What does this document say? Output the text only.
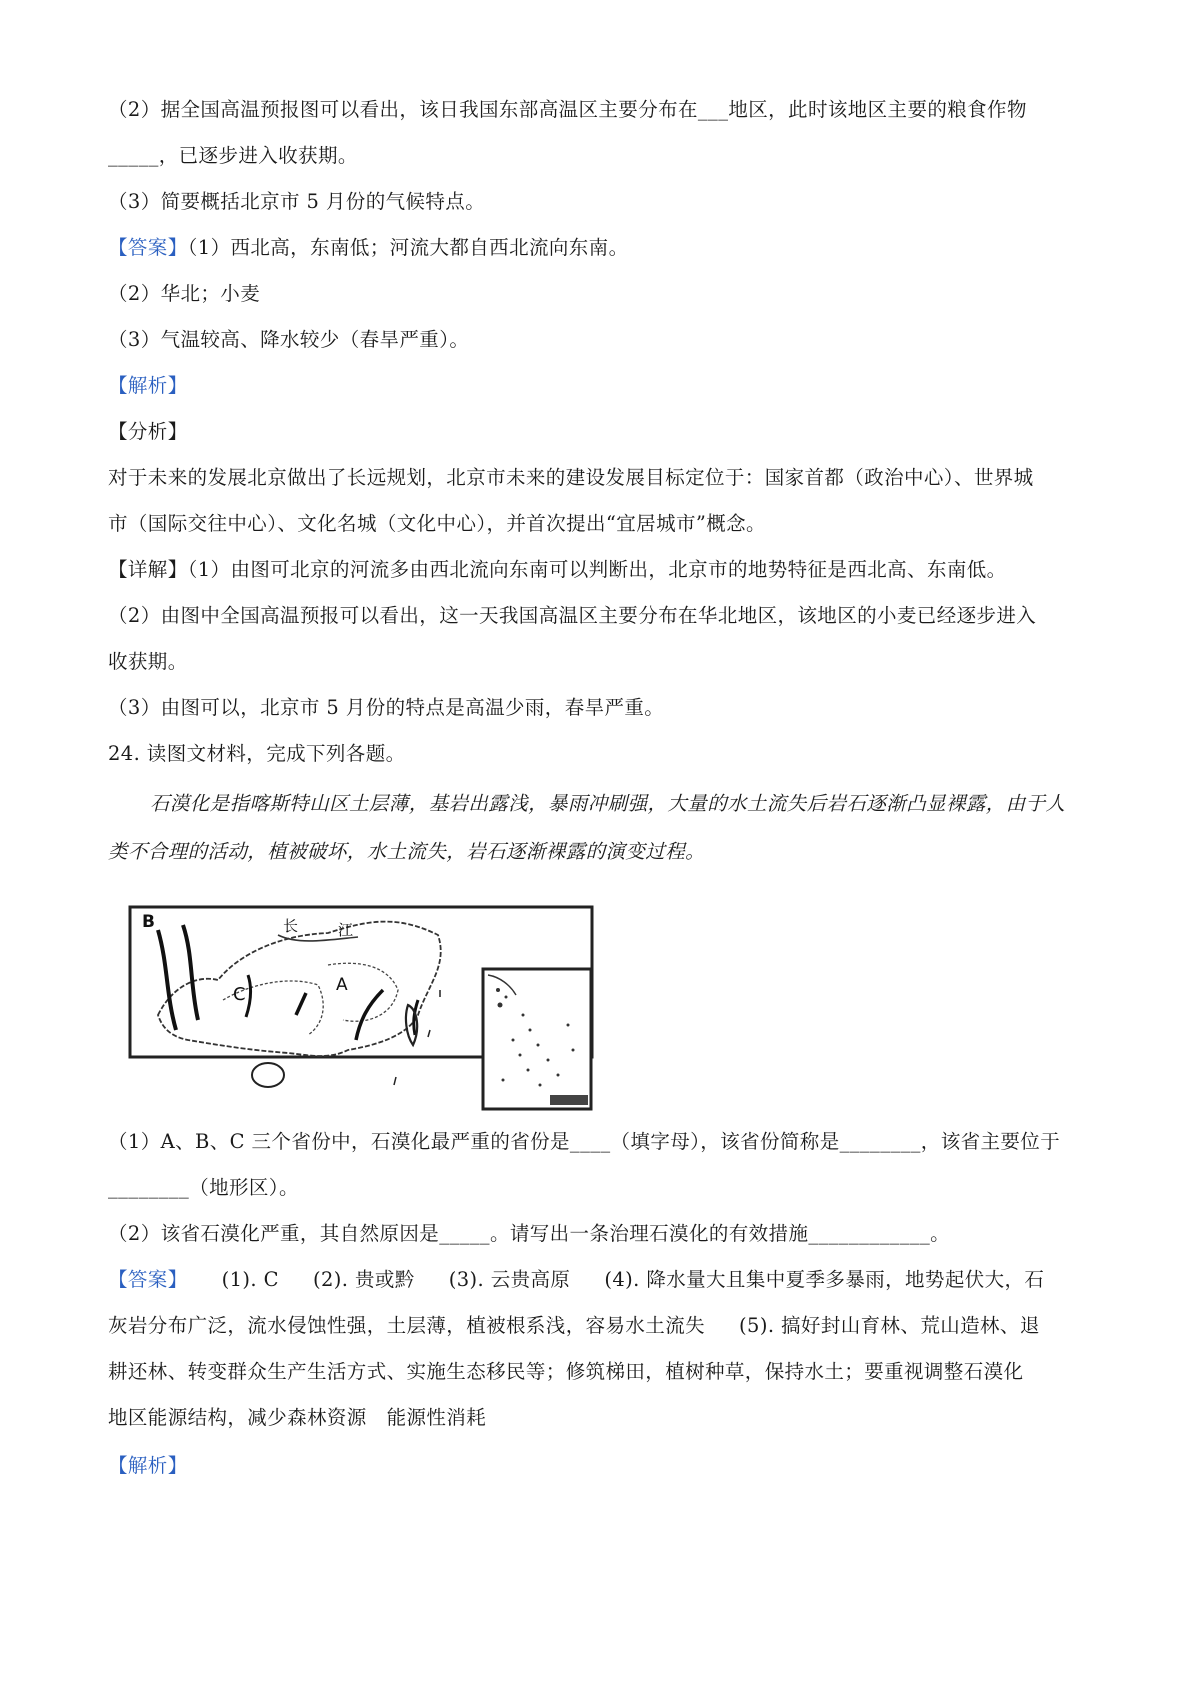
（2）据全国高温预报图可以看出，该日我国东部高温区主要分布在___地区，此时该地区主要的粮食作物
_____，已逐步进入收获期。
（3）简要概括北京市 5 月份的气候特点。
【答案】（1）西北高，东南低；河流大都自西北流向东南。
（2）华北；小麦
（3）气温较高、降水较少（春旱严重）。
【解析】
【分析】
对于未来的发展北京做出了长远规划，北京市未来的建设发展目标定位于：国家首都（政治中心）、世界城
市（国际交往中心）、文化名城（文化中心），并首次提出“宜居城市”概念。
【详解】（1）由图可北京的河流多由西北流向东南可以判断出，北京市的地势特征是西北高、东南低。
（2）由图中全国高温预报可以看出，这一天我国高温区主要分布在华北地区，该地区的小麦已经逐步进入
收获期。
（3）由图可以，北京市 5 月份的特点是高温少雨，春旱严重。
24. 读图文材料，完成下列各题。
石漠化是指喀斯特山区土层薄，基岩出露浅，暴雨冲刷强，大量的水土流失后岩石逐渐凸显裸露，由于人
类不合理的活动，植被破坏，水土流失，岩石逐渐裸露的演变过程。
B	长	江
C	A
（1）A、B、C 三个省份中，石漠化最严重的省份是____（填字母），该省份简称是________，该省主要位于
________（地形区）。
（2）该省石漠化严重，其自然原因是_____。请写出一条治理石漠化的有效措施____________。
【答案】 (1). C (2). 贵或黔 (3). 云贵高原 (4). 降水量大且集中夏季多暴雨，地势起伏大，石
灰岩分布广泛，流水侵蚀性强，土层薄，植被根系浅，容易水土流失 (5). 搞好封山育林、荒山造林、退
耕还林、转变群众生产生活方式、实施生态移民等；修筑梯田，植树种草，保持水土；要重视调整石漠化
地区能源结构，减少森林资源　能源性消耗
【解析】
